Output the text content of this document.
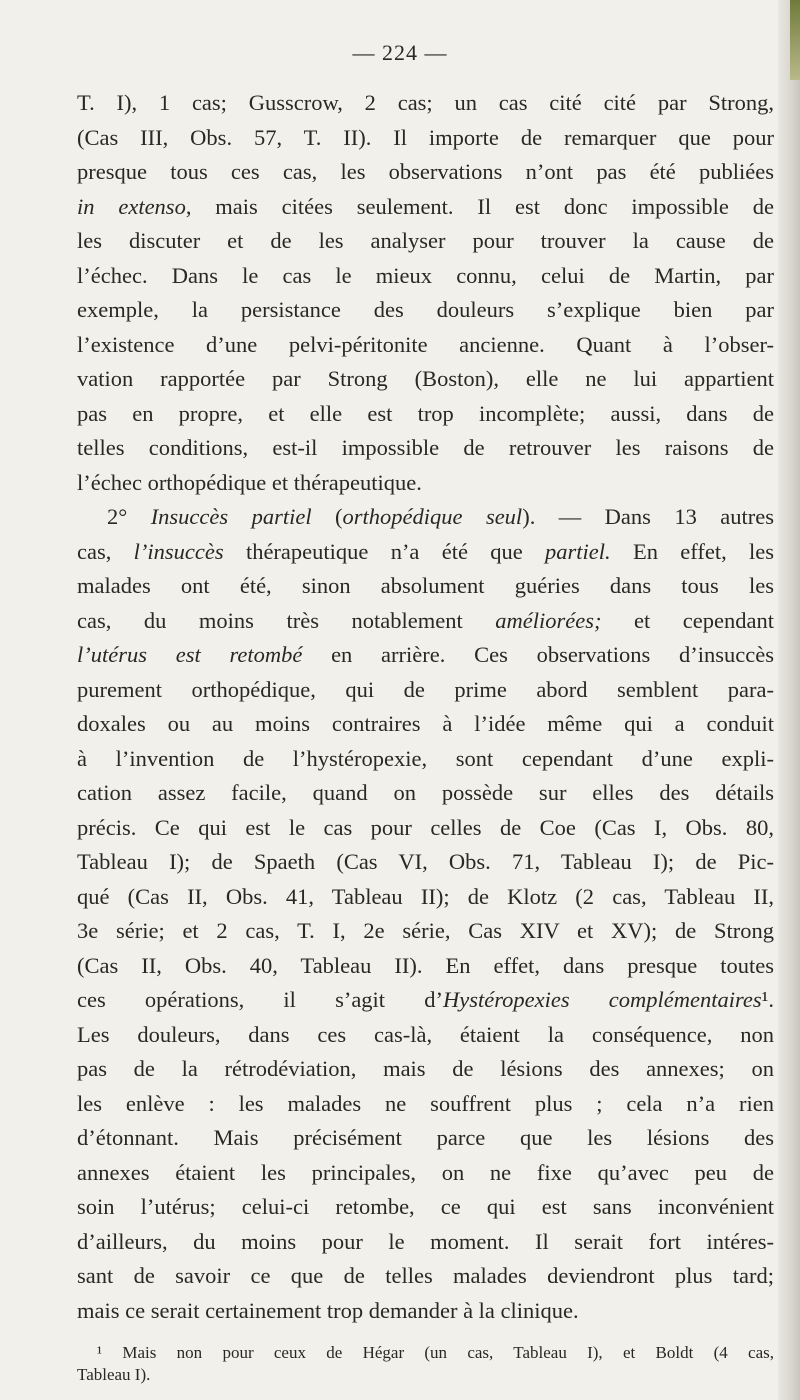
— 224 —
T. I), 1 cas; Gusscrow, 2 cas; un cas cité cité par Strong,
(Cas III, Obs. 57, T. II). Il importe de remarquer que pour
presque tous ces cas, les observations n’ont pas été publiées
in extenso, mais citées seulement. Il est donc impossible de
les discuter et de les analyser pour trouver la cause de
l’échec. Dans le cas le mieux connu, celui de Martin, par
exemple, la persistance des douleurs s’explique bien par
l’existence d’une pelvi-péritonite ancienne. Quant à l’obser-
vation rapportée par Strong (Boston), elle ne lui appartient
pas en propre, et elle est trop incomplète; aussi, dans de
telles conditions, est-il impossible de retrouver les raisons de
l’échec orthopédique et thérapeutique.
2° Insuccès partiel (orthopédique seul). — Dans 13 autres
cas, l’insuccès thérapeutique n’a été que partiel. En effet, les
malades ont été, sinon absolument guéries dans tous les
cas, du moins très notablement améliorées; et cependant
l’utérus est retombé en arrière. Ces observations d’insuccès
purement orthopédique, qui de prime abord semblent para-
doxales ou au moins contraires à l’idée même qui a conduit
à l’invention de l’hystéropexie, sont cependant d’une expli-
cation assez facile, quand on possède sur elles des détails
précis. Ce qui est le cas pour celles de Coe (Cas I, Obs. 80,
Tableau I); de Spaeth (Cas VI, Obs. 71, Tableau I); de Pic-
qué (Cas II, Obs. 41, Tableau II); de Klotz (2 cas, Tableau II,
3e série; et 2 cas, T. I, 2e série, Cas XIV et XV); de Strong
(Cas II, Obs. 40, Tableau II). En effet, dans presque toutes
ces opérations, il s’agit d’Hystéropexies complémentaires¹.
Les douleurs, dans ces cas-là, étaient la conséquence, non
pas de la rétrodéviation, mais de lésions des annexes; on
les enlève : les malades ne souffrent plus ; cela n’a rien
d’étonnant. Mais précisément parce que les lésions des
annexes étaient les principales, on ne fixe qu’avec peu de
soin l’utérus; celui-ci retombe, ce qui est sans inconvénient
d’ailleurs, du moins pour le moment. Il serait fort intéres-
sant de savoir ce que de telles malades deviendront plus tard;
mais ce serait certainement trop demander à la clinique.
¹ Mais non pour ceux de Hégar (un cas, Tableau I), et Boldt (4 cas,
Tableau I).
